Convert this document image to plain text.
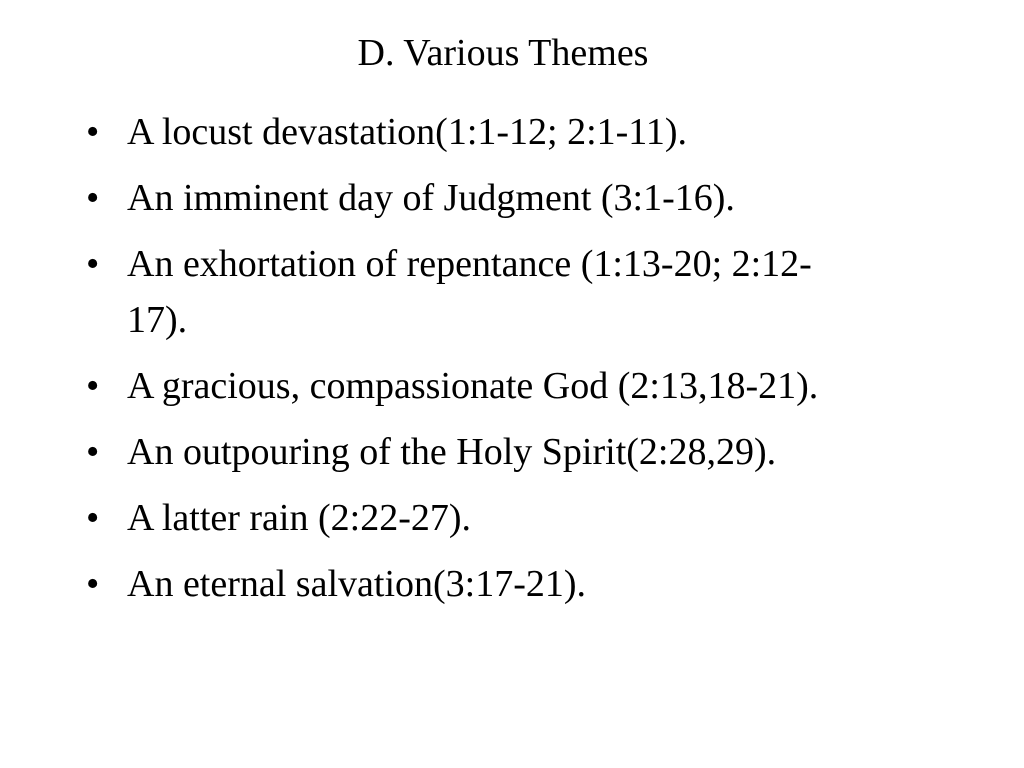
D. Various Themes
• A locust devastation(1:1-12; 2:1-11).
• An imminent day of Judgment (3:1-16).
• An exhortation of repentance (1:13-20; 2:12-17).
• A gracious, compassionate God (2:13,18-21).
• An outpouring of the Holy Spirit(2:28,29).
• A latter rain (2:22-27).
• An eternal salvation(3:17-21).
